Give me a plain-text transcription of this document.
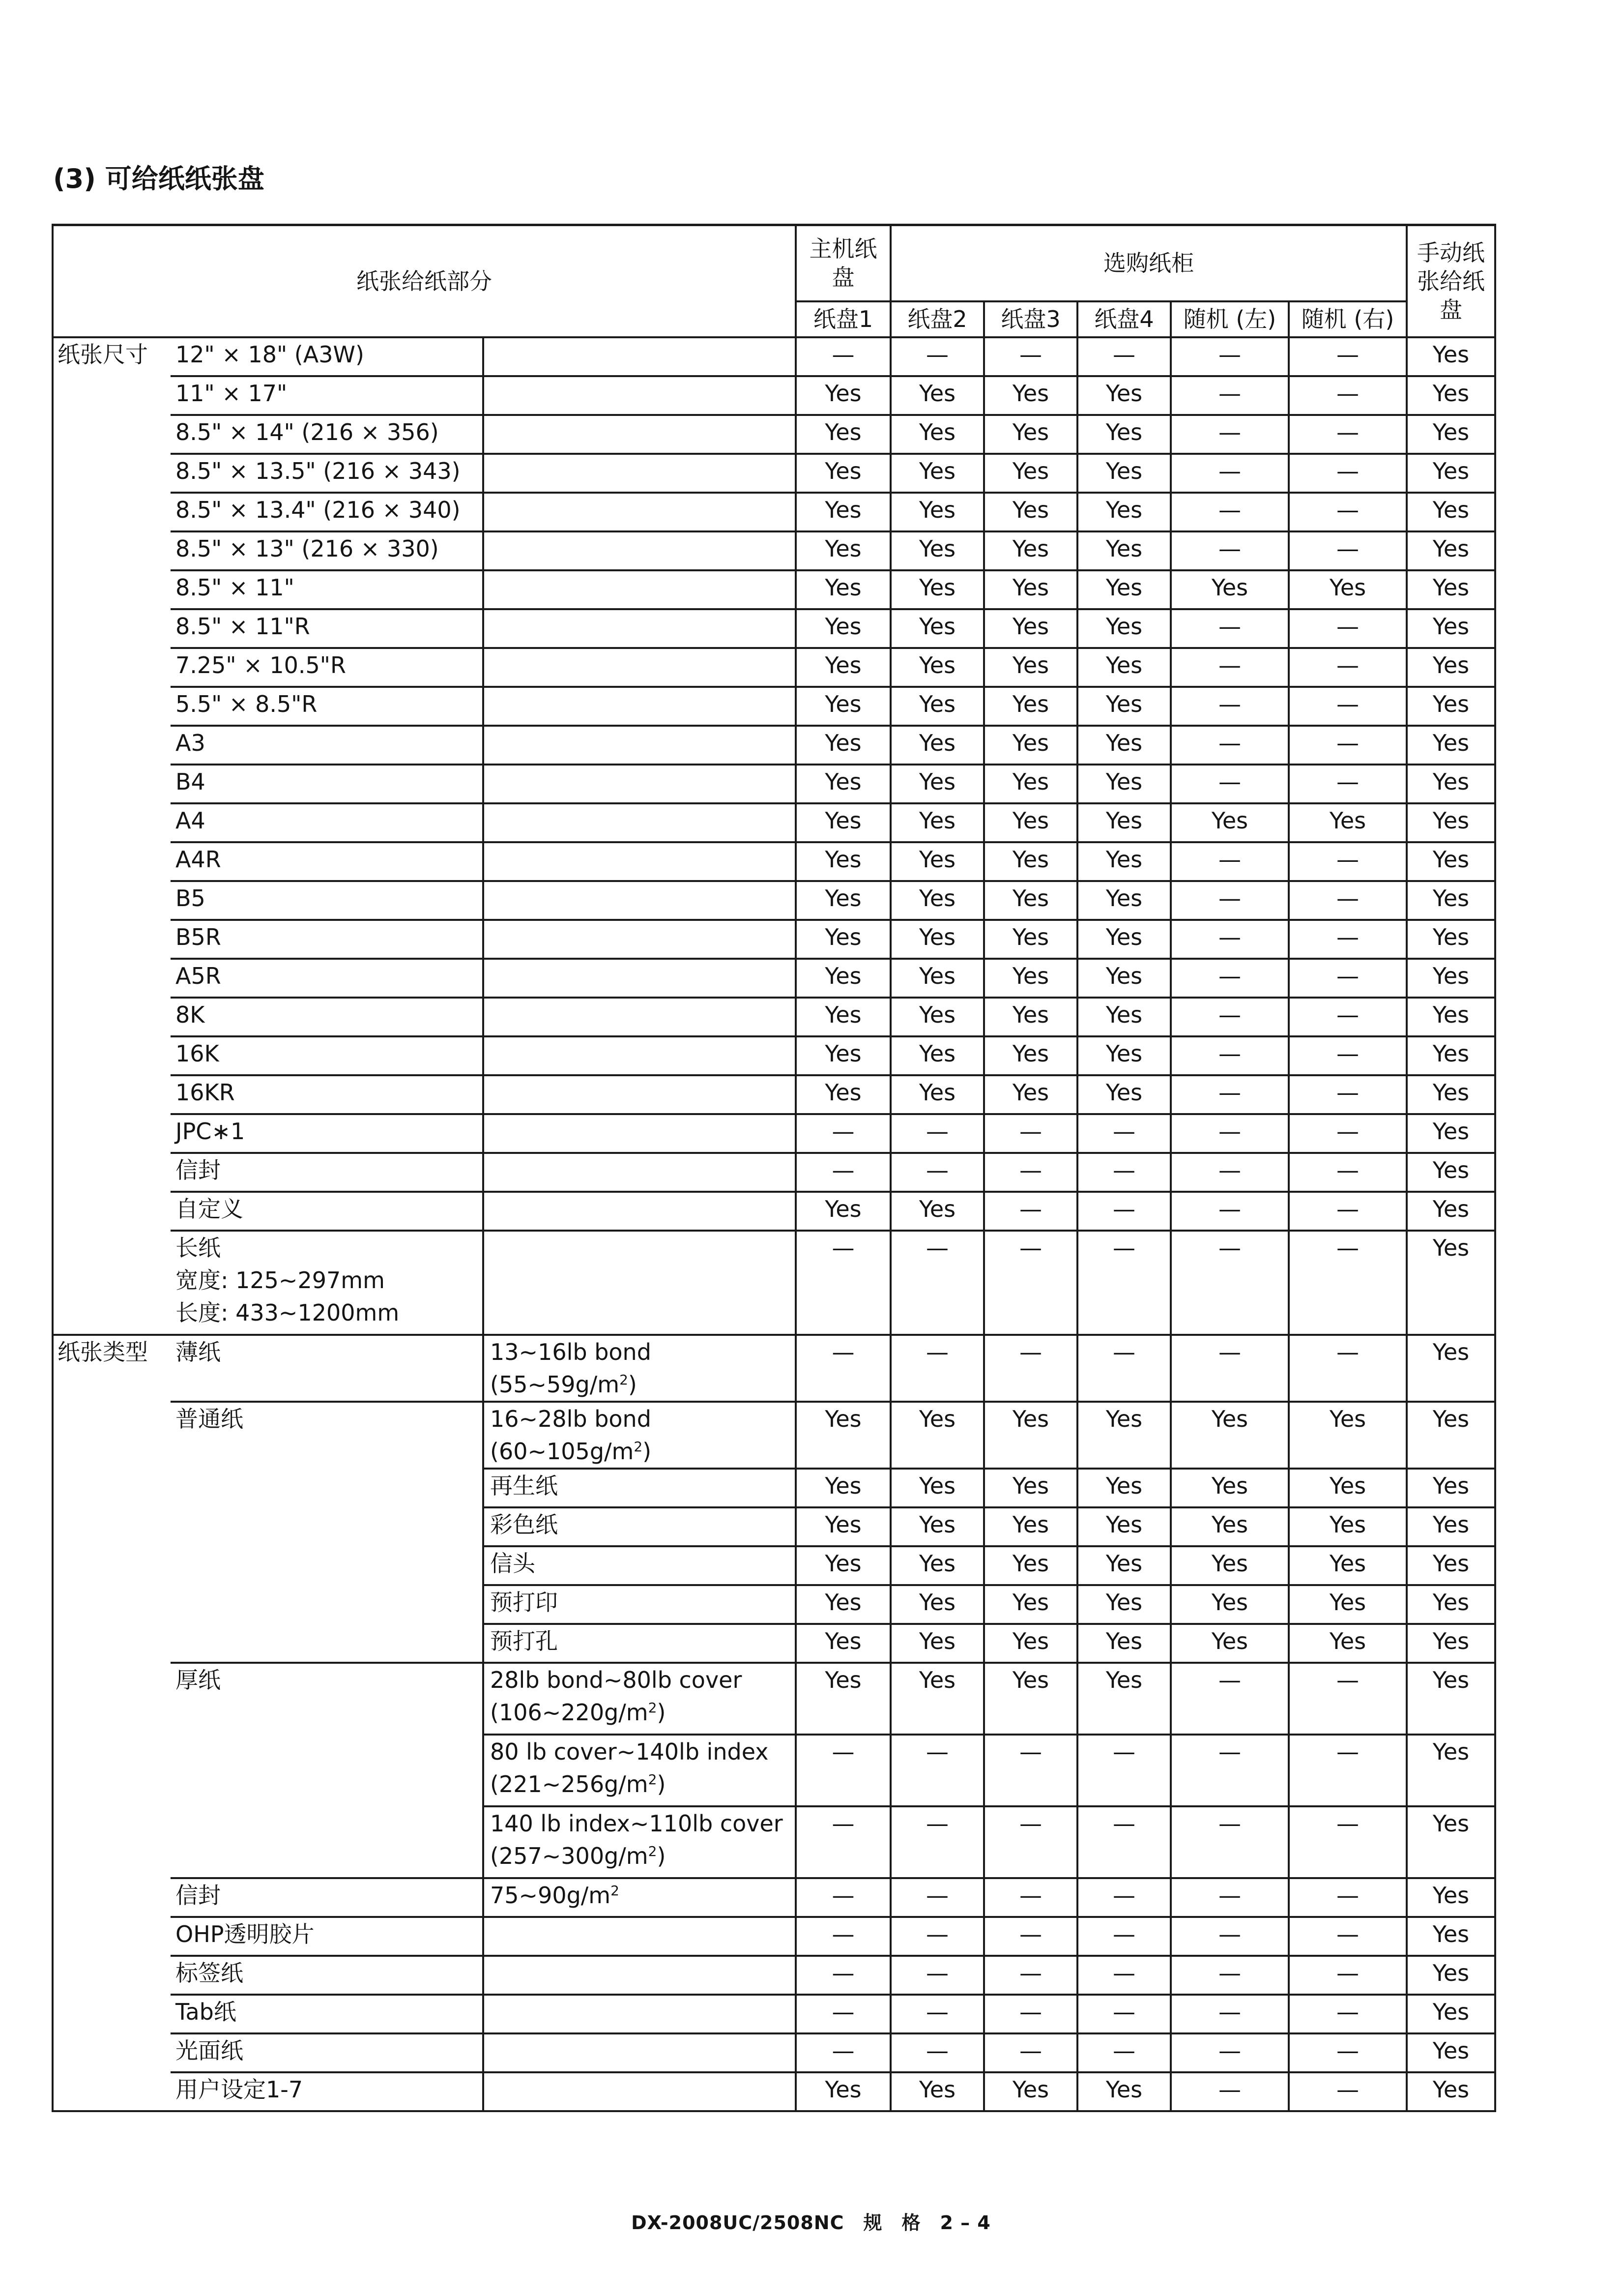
(3) 可给纸纸张盘
纸张给纸部分			主机纸盘	选购纸柜					手动纸张给纸盘

			纸盘1	纸盘2	纸盘3	纸盘4	随机 (左)	随机 (右)	
纸张尺寸	12" × 18" (A3W)		—	—	—	—	—	—	Yes
	11" × 17"		Yes	Yes	Yes	Yes	—	—	Yes
	8.5" × 14" (216 × 356)		Yes	Yes	Yes	Yes	—	—	Yes
	8.5" × 13.5" (216 × 343)		Yes	Yes	Yes	Yes	—	—	Yes
	8.5" × 13.4" (216 × 340)		Yes	Yes	Yes	Yes	—	—	Yes
	8.5" × 13" (216 × 330)		Yes	Yes	Yes	Yes	—	—	Yes
	8.5" × 11"		Yes	Yes	Yes	Yes	Yes	Yes	Yes
	8.5" × 11"R		Yes	Yes	Yes	Yes	—	—	Yes
	7.25" × 10.5"R		Yes	Yes	Yes	Yes	—	—	Yes
	5.5" × 8.5"R		Yes	Yes	Yes	Yes	—	—	Yes
	A3		Yes	Yes	Yes	Yes	—	—	Yes
	B4		Yes	Yes	Yes	Yes	—	—	Yes
	A4		Yes	Yes	Yes	Yes	Yes	Yes	Yes
	A4R		Yes	Yes	Yes	Yes	—	—	Yes
	B5		Yes	Yes	Yes	Yes	—	—	Yes
	B5R		Yes	Yes	Yes	Yes	—	—	Yes
	A5R		Yes	Yes	Yes	Yes	—	—	Yes
	8K		Yes	Yes	Yes	Yes	—	—	Yes
	16K		Yes	Yes	Yes	Yes	—	—	Yes
	16KR		Yes	Yes	Yes	Yes	—	—	Yes
	JPC∗1		—	—	—	—	—	—	Yes
	信封		—	—	—	—	—	—	Yes
	自定义		Yes	Yes	—	—	—	—	Yes

	长纸
宽度: 125~297mm
长度: 433~1200mm		—	—	—	—	—	—	Yes
纸张类型	薄纸	13~16lb bond $(55\sim 59g/m^2)$	—	—	—	—	—	—	Yes
	普通纸	16~28lb bond $(60\sim 105g/m^2)$	Yes	Yes	Yes	Yes	Yes	Yes	Yes
		再生纸	Yes	Yes	Yes	Yes	Yes	Yes	Yes
		彩色纸	Yes	Yes	Yes	Yes	Yes	Yes	Yes
		信头	Yes	Yes	Yes	Yes	Yes	Yes	Yes
		预打印	Yes	Yes	Yes	Yes	Yes	Yes	Yes
		预打孔	Yes	Yes	Yes	Yes	Yes	Yes	Yes
	厚纸	28lb bond~80lb cover
$(106\sim 220g/m^2)$	Yes	Yes	Yes	Yes	—	—	Yes

		80 lb cover~140lb index
$(221\sim 256g/m^2)$	—	—	—	—	—	—	Yes

		140 lb index~110lb cover
$(257\sim 300g/m^2)$	—	—	—	—	—	—	Yes
	信封	$75\sim 90g/m^2$	—	—	—	—	—	—	Yes
	OHP透明胶片		—	—	—	—	—	—	Yes
	标签纸		—	—	—	—	—	—	Yes
	Tab纸		—	—	—	—	—	—	Yes
	光面纸		—	—	—	—	—	—	Yes
	用户设定1-7		Yes	Yes	Yes	Yes	—	—	Yes
DX-2008UC/2508NC　规　格　2 – 4
